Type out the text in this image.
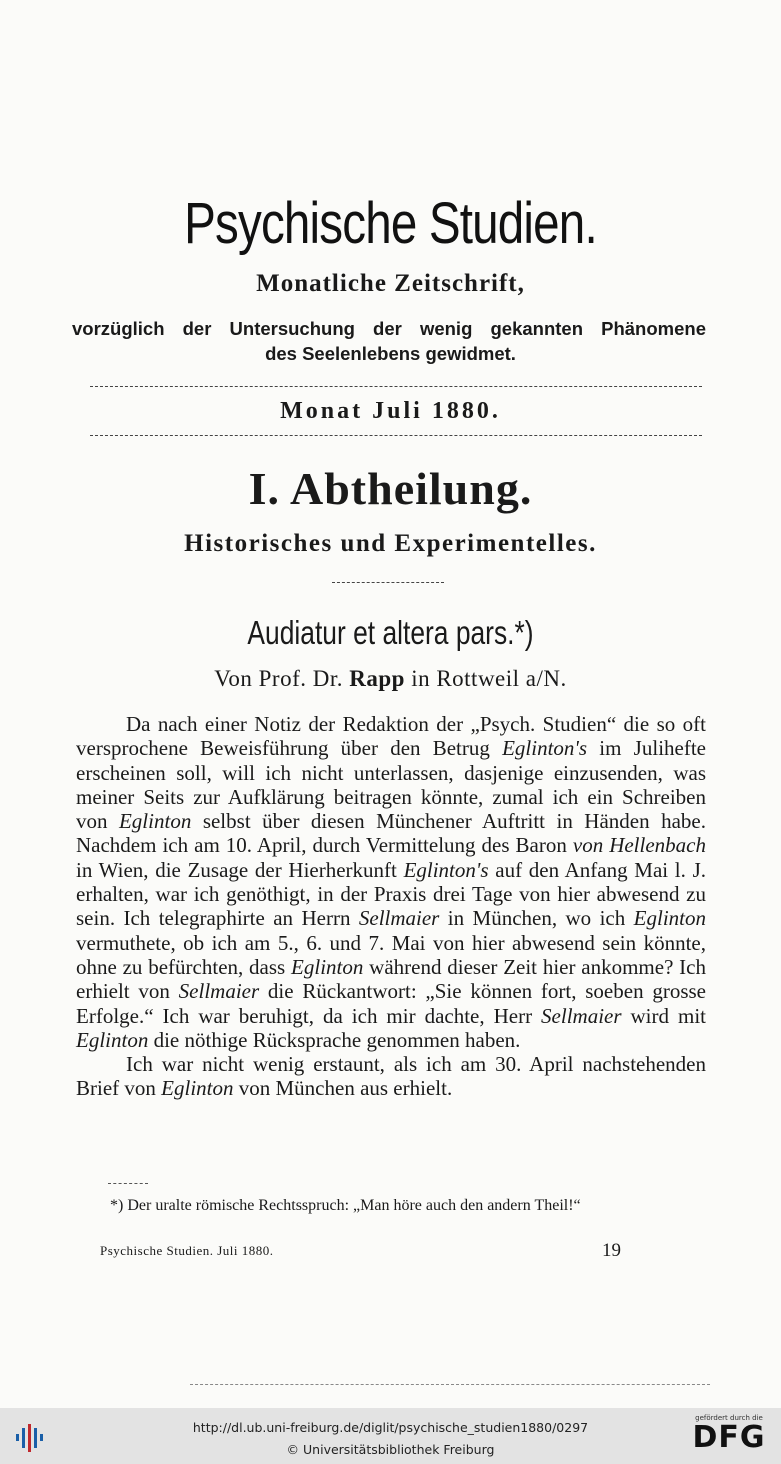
Psychische Studien.
Monatliche Zeitschrift,
vorzüglich der Untersuchung der wenig gekannten Phänomene
des Seelenlebens gewidmet.
Monat Juli 1880.
I. Abtheilung.
Historisches und Experimentelles.
Audiatur et altera pars.*)
Von Prof. Dr. Rapp in Rottweil a/N.

Da nach einer Notiz der Redaktion der „Psych. Studien“ die so oft versprochene Beweisführung über den Betrug Eglinton's im Julihefte erscheinen soll, will ich nicht unterlassen, dasjenige einzusenden, was meiner Seits zur Aufklärung beitragen könnte, zumal ich ein Schreiben von Eglinton selbst über diesen Münchener Auftritt in Händen habe. Nachdem ich am 10. April, durch Vermittelung des Baron von Hellenbach in Wien, die Zusage der Hierherkunft Eglinton's auf den Anfang Mai l. J. erhalten, war ich genöthigt, in der Praxis drei Tage von hier abwesend zu sein. Ich telegraphirte an Herrn Sellmaier in München, wo ich Eglinton vermuthete, ob ich am 5., 6. und 7. Mai von hier abwesend sein könnte, ohne zu befürchten, dass Eglinton während dieser Zeit hier ankomme? Ich erhielt von Sellmaier die Rückantwort: „Sie können fort, soeben grosse Erfolge.“ Ich war beruhigt, da ich mir dachte, Herr Sellmaier wird mit Eglinton die nöthige Rücksprache genommen haben.

Ich war nicht wenig erstaunt, als ich am 30. April nachstehenden Brief von Eglinton von München aus erhielt.

*) Der uralte römische Rechtsspruch: „Man höre auch den andern Theil!“
Psychische Studien. Juli 1880.	19
http://dl.ub.uni-freiburg.de/diglit/psychische_studien1880/0297
© Universitätsbibliothek Freiburg
gefördert durch die
DFG
